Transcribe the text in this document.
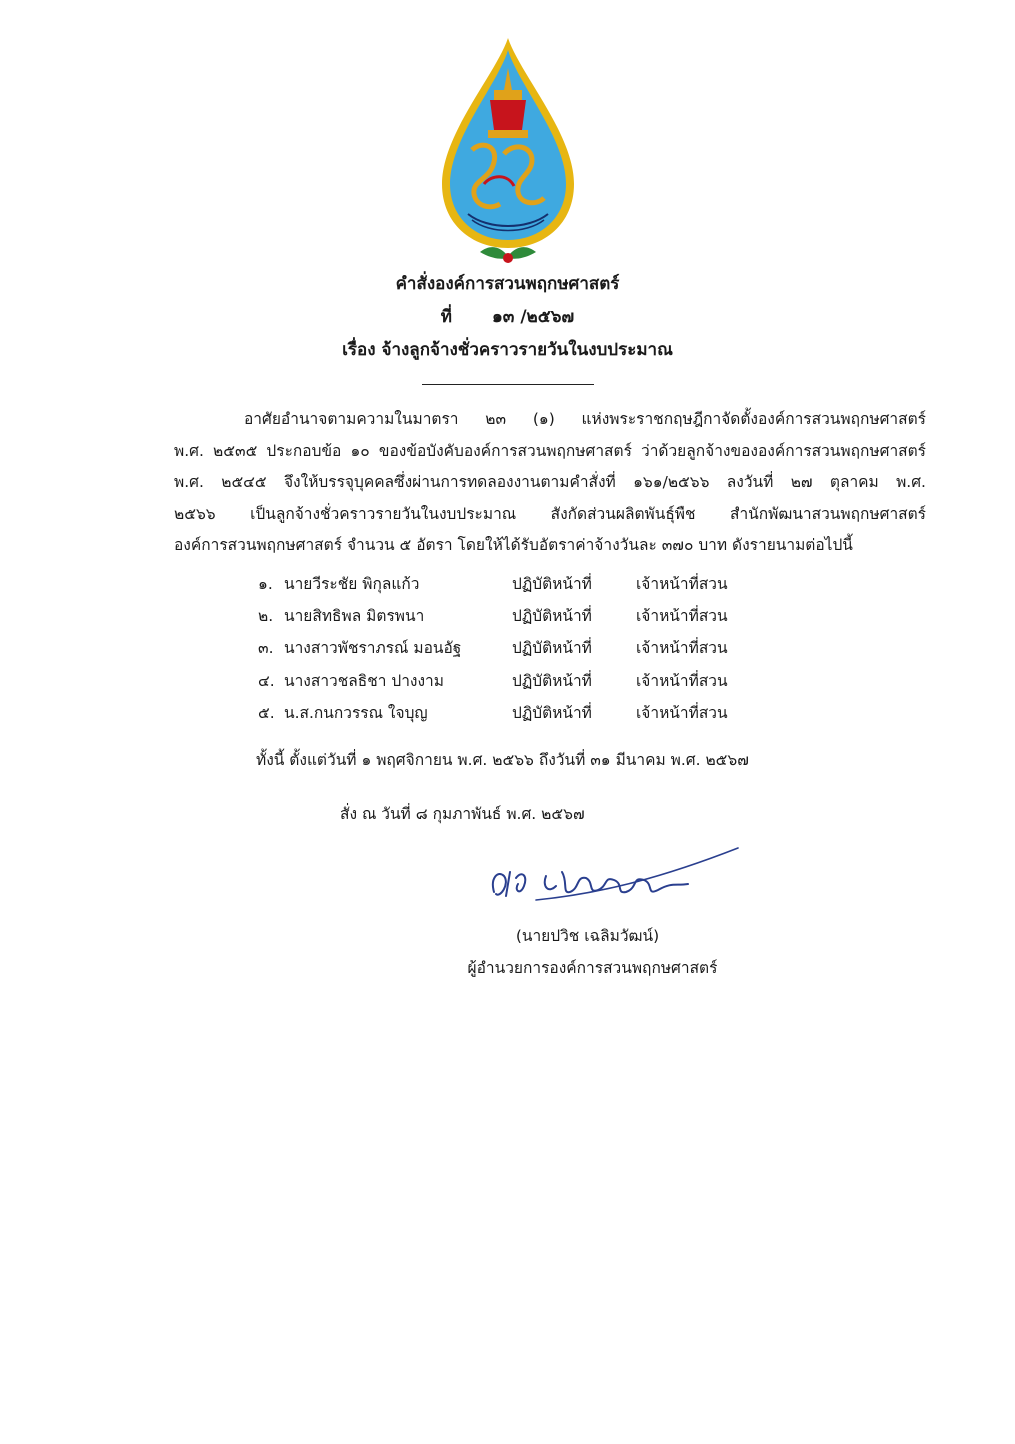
คำสั่งองค์การสวนพฤกษศาสตร์
ที่ ๑๓ /๒๕๖๗
เรื่อง จ้างลูกจ้างชั่วคราวรายวันในงบประมาณ
อาศัยอำนาจตามความในมาตรา ๒๓ (๑) แห่งพระราชกฤษฎีกาจัดตั้งองค์การสวนพฤกษศาสตร์
พ.ศ. ๒๕๓๕ ประกอบข้อ ๑๐ ของข้อบังคับองค์การสวนพฤกษศาสตร์ ว่าด้วยลูกจ้างขององค์การสวนพฤกษศาสตร์
พ.ศ. ๒๕๔๕ จึงให้บรรจุบุคคลซึ่งผ่านการทดลองงานตามคำสั่งที่ ๑๖๑/๒๕๖๖ ลงวันที่ ๒๗ ตุลาคม พ.ศ.
๒๕๖๖ เป็นลูกจ้างชั่วคราวรายวันในงบประมาณ สังกัดส่วนผลิตพันธุ์พืช สำนักพัฒนาสวนพฤกษศาสตร์
องค์การสวนพฤกษศาสตร์ จำนวน ๕ อัตรา โดยให้ได้รับอัตราค่าจ้างวันละ ๓๗๐ บาท ดังรายนามต่อไปนี้
๑. นายวีระชัย พิกุลแก้ว	ปฏิบัติหน้าที่	เจ้าหน้าที่สวน
๒. นายสิทธิพล มิตรพนา	ปฏิบัติหน้าที่	เจ้าหน้าที่สวน
๓. นางสาวพัชราภรณ์ มอนอัฐ	ปฏิบัติหน้าที่	เจ้าหน้าที่สวน
๔. นางสาวชลธิชา ปางงาม	ปฏิบัติหน้าที่	เจ้าหน้าที่สวน
๕. น.ส.กนกวรรณ ใจบุญ	ปฏิบัติหน้าที่	เจ้าหน้าที่สวน
ทั้งนี้ ตั้งแต่วันที่ ๑ พฤศจิกายน พ.ศ. ๒๕๖๖ ถึงวันที่ ๓๑ มีนาคม พ.ศ. ๒๕๖๗
สั่ง ณ วันที่ ๘ กุมภาพันธ์ พ.ศ. ๒๕๖๗
(นายปวิช เฉลิมวัฒน์)
ผู้อำนวยการองค์การสวนพฤกษศาสตร์
